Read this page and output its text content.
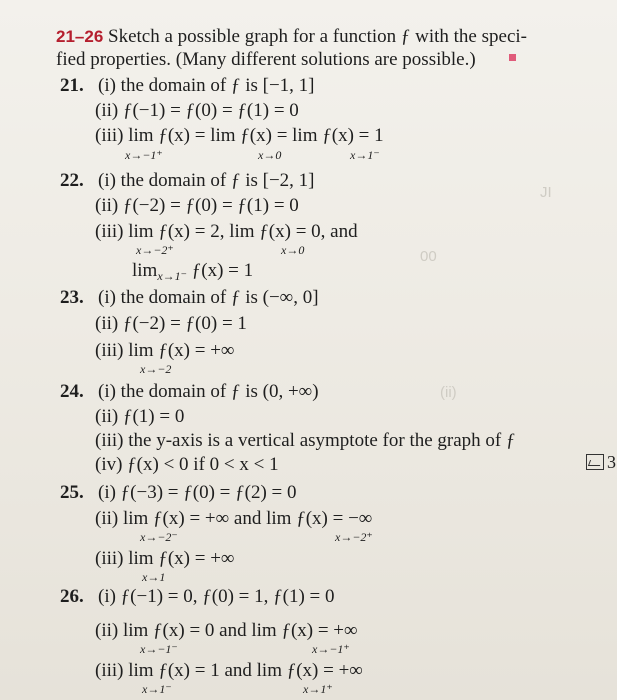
JI
00
(ii)
21–26 Sketch a possible graph for a function ƒ with the speci-
fied properties. (Many different solutions are possible.)
21. (i) the domain of ƒ is [−1, 1]
(ii) ƒ(−1) = ƒ(0) = ƒ(1) = 0
(iii) lim ƒ(x) = lim ƒ(x) = lim ƒ(x) = 1
x→−1⁺	x→0	x→1⁻
22. (i) the domain of ƒ is [−2, 1]
(ii) ƒ(−2) = ƒ(0) = ƒ(1) = 0
(iii) lim ƒ(x) = 2, lim ƒ(x) = 0, and
x→−2⁺	x→0
$\lim_{x\to 1^-}$ ƒ(x) = 1
23. (i) the domain of ƒ is (−∞, 0]
(ii) ƒ(−2) = ƒ(0) = 1
(iii) lim ƒ(x) = +∞
x→−2
24. (i) the domain of ƒ is (0, +∞)
(ii) ƒ(1) = 0
(iii) the y-axis is a vertical asymptote for the graph of ƒ
(iv) ƒ(x) < 0 if 0 < x < 1
25. (i) ƒ(−3) = ƒ(0) = ƒ(2) = 0
(ii) lim ƒ(x) = +∞ and lim ƒ(x) = −∞
x→−2⁻	x→−2⁺
(iii) lim ƒ(x) = +∞
x→1
26. (i) ƒ(−1) = 0, ƒ(0) = 1, ƒ(1) = 0
(ii) lim ƒ(x) = 0 and lim ƒ(x) = +∞
x→−1⁻	x→−1⁺
(iii) lim ƒ(x) = 1 and lim ƒ(x) = +∞
x→1⁻	x→1⁺
3
